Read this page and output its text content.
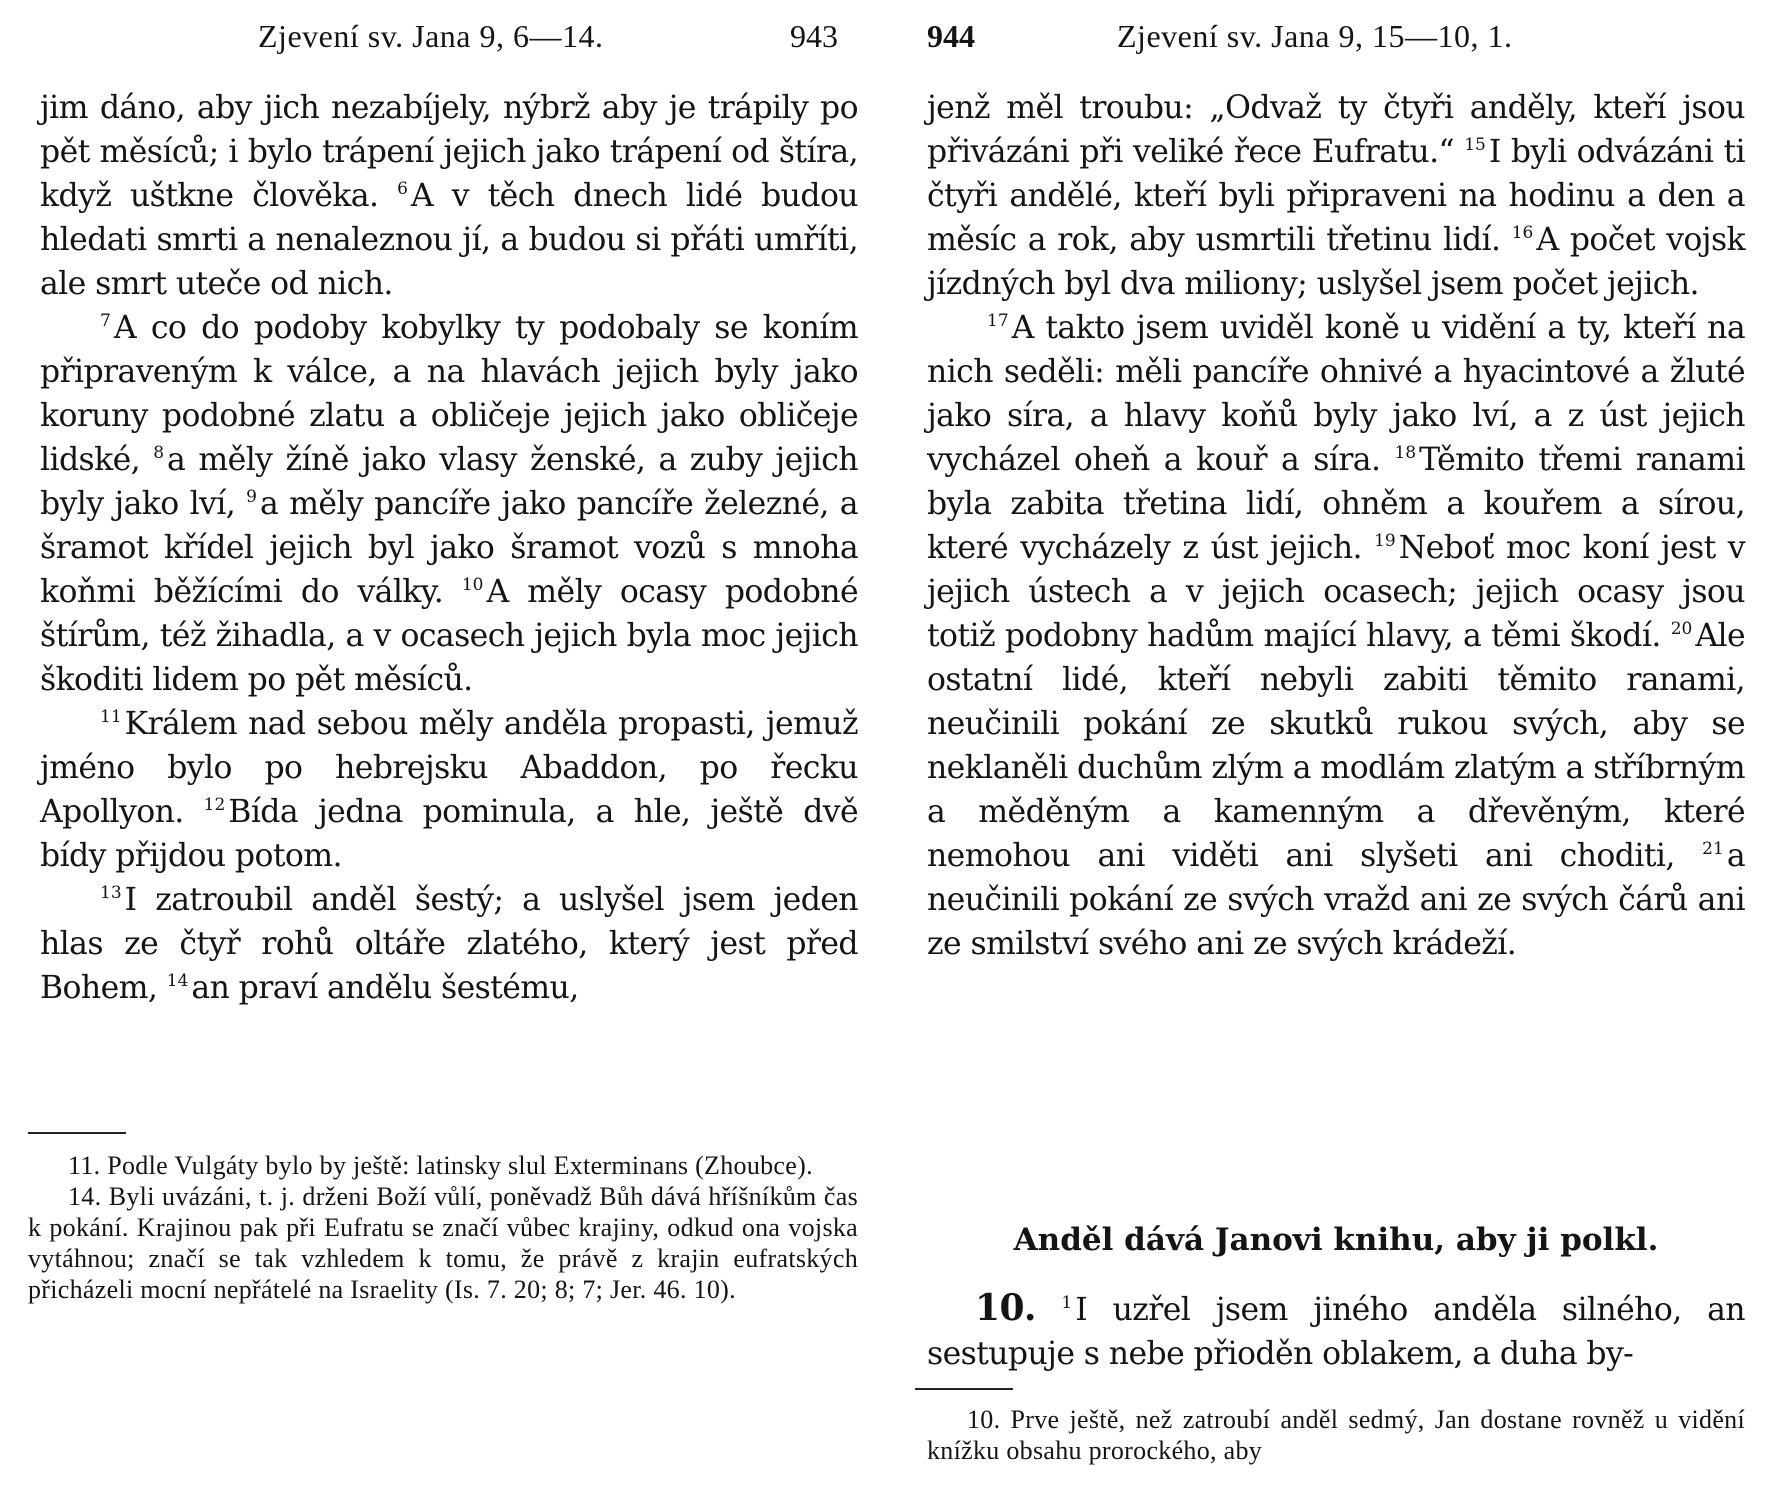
Zjevení sv. Jana 9, 6—14.	943

jim dáno, aby jich nezabíjely, nýbrž aby je trápily po pět měsíců; i bylo trápení jejich jako trápení od štíra, když uštkne člověka. $^6$A v těch dnech lidé budou hledati smrti a nenaleznou jí, a budou si přáti umříti, ale smrt uteče od nich.

$^7$A co do podoby kobylky ty podobaly se koním připraveným k válce, a na hlavách jejich byly jako koruny podobné zlatu a obličeje jejich jako obličeje lidské, $^8$a měly žíně jako vlasy ženské, a zuby jejich byly jako lví, $^9$a měly pancíře jako pancíře železné, a šramot křídel jejich byl jako šramot vozů s mnoha koňmi běžícími do války. $^{10}$A měly ocasy podobné štírům, též žihadla, a v ocasech jejich byla moc jejich škoditi lidem po pět měsíců.

$^{11}$Králem nad sebou měly anděla propasti, jemuž jméno bylo po hebrejsku Abaddon, po řecku Apollyon. $^{12}$Bída jedna pominula, a hle, ještě dvě bídy přijdou potom.

$^{13}$I zatroubil anděl šestý; a uslyšel jsem jeden hlas ze čtyř rohů oltáře zlatého, který jest před Bohem, $^{14}$an praví andělu šestému,

11. Podle Vulgáty bylo by ještě: latinsky slul Exterminans (Zhoubce).

14. Byli uvázáni, t. j. drženi Boží vůlí, poněvadž Bůh dává hříšníkům čas k pokání. Krajinou pak při Eufratu se značí vůbec krajiny, odkud ona vojska vytáhnou; značí se tak vzhledem k tomu, že právě z krajin eufratských přicházeli mocní nepřátelé na Israelity (Is. 7. 20; 8; 7; Jer. 46. 10).

944	Zjevení sv. Jana 9, 15—10, 1.

jenž měl troubu: „Odvaž ty čtyři anděly, kteří jsou přivázáni při veliké řece Eufratu.“ $^{15}$I byli odvázáni ti čtyři andělé, kteří byli připraveni na hodinu a den a měsíc a rok, aby usmrtili třetinu lidí. $^{16}$A počet vojsk jízdných byl dva miliony; uslyšel jsem počet jejich.

$^{17}$A takto jsem uviděl koně u vidění a ty, kteří na nich seděli: měli pancíře ohnivé a hyacintové a žluté jako síra, a hlavy koňů byly jako lví, a z úst jejich vycházel oheň a kouř a síra. $^{18}$Těmito třemi ranami byla zabita třetina lidí, ohněm a kouřem a sírou, které vycházely z úst jejich. $^{19}$Neboť moc koní jest v jejich ústech a v jejich ocasech; jejich ocasy jsou totiž podobny hadům mající hlavy, a těmi škodí. $^{20}$Ale ostatní lidé, kteří nebyli zabiti těmito ranami, neučinili pokání ze skutků rukou svých, aby se neklaněli duchům zlým a modlám zlatým a stříbrným a měděným a kamenným a dřevěným, které nemohou ani viděti ani slyšeti ani choditi, $^{21}$a neučinili pokání ze svých vražd ani ze svých čárů ani ze smilství svého ani ze svých krádeží.

Anděl dává Janovi knihu, aby ji polkl.

10. $^1$I uzřel jsem jiného anděla silného, an sestupuje s nebe přioděn oblakem, a duha by-

10. Prve ještě, než zatroubí anděl sedmý, Jan dostane rovněž u vidění knížku obsahu prorockého, aby
